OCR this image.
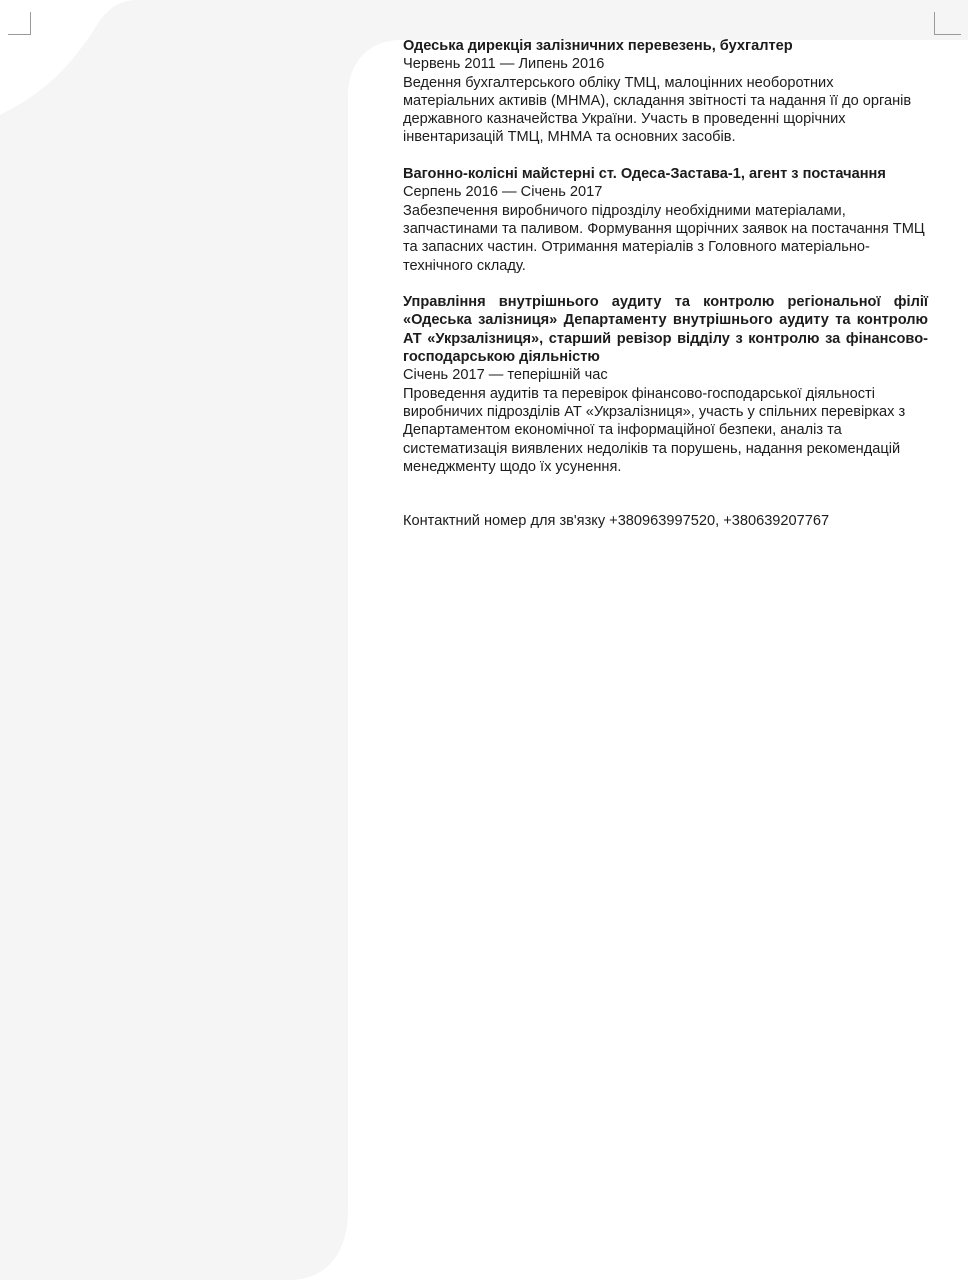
Одеська дирекція залізничних перевезень, бухгалтер
Червень 2011 — Липень 2016

Ведення бухгалтерського обліку ТМЦ, малоцінних необоротних матеріальних активів (МНМА), складання звітності та надання її до органів державного казначейства України. Участь в проведенні щорічних інвентаризацій ТМЦ, МНМА та основних засобів.

Вагонно-колісні майстерні ст. Одеса-Застава-1, агент з постачання
Серпень 2016 — Січень 2017

Забезпечення виробничого підрозділу необхідними матеріалами, запчастинами та паливом. Формування щорічних заявок на постачання ТМЦ та запасних частин. Отримання матеріалів з Головного матеріально-технічного складу.

Управління внутрішнього аудиту та контролю регіональної філії «Одеська залізниця» Департаменту внутрішнього аудиту та контролю АТ «Укрзалізниця», старший ревізор відділу з контролю за фінансово-господарською діяльністю
Січень 2017 — теперішній час

Проведення аудитів та перевірок фінансово-господарської діяльності виробничих підрозділів АТ «Укрзалізниця», участь у спільних перевірках з Департаментом економічної та інформаційної безпеки, аналіз та систематизація виявлених недоліків та порушень, надання рекомендацій менеджменту щодо їх усунення.

Контактний номер для зв'язку +380963997520, +380639207767
